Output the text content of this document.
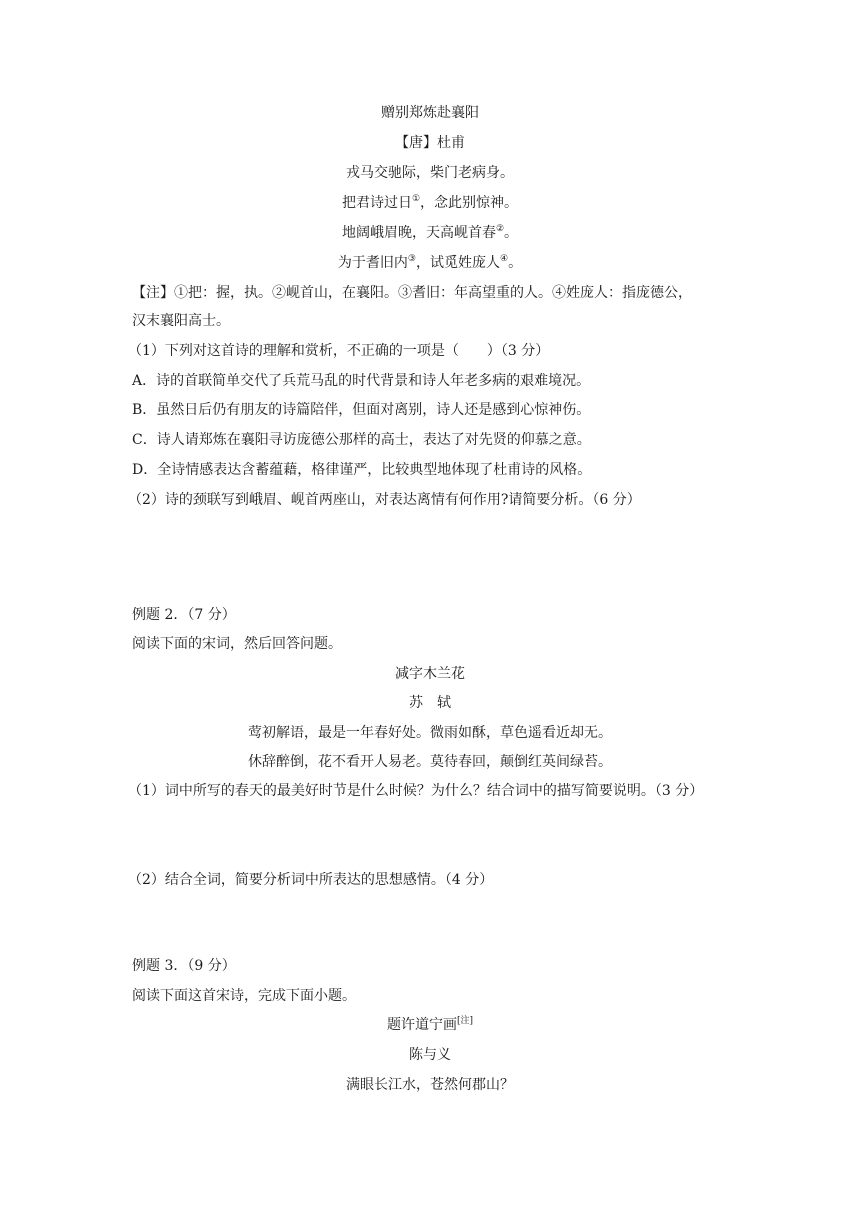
赠别郑炼赴襄阳
【唐】杜甫
戎马交驰际，柴门老病身。
把君诗过日①，念此别惊神。
地阔峨眉晚，天高岘首春②。
为于耆旧内③，试觅姓庞人④。
【注】①把：握，执。②岘首山，在襄阳。③耆旧：年高望重的人。④姓庞人：指庞德公，
汉末襄阳高士。
（1）下列对这首诗的理解和赏析，不正确的一项是（　　）（3 分）
A．诗的首联简单交代了兵荒马乱的时代背景和诗人年老多病的艰难境况。
B．虽然日后仍有朋友的诗篇陪伴，但面对离别，诗人还是感到心惊神伤。
C．诗人请郑炼在襄阳寻访庞德公那样的高士，表达了对先贤的仰慕之意。
D．全诗情感表达含蓄蕴藉，格律谨严，比较典型地体现了杜甫诗的风格。
（2）诗的颈联写到峨眉、岘首两座山，对表达离情有何作用?请简要分析。（6 分）
例题 2．（7 分）
阅读下面的宋词，然后回答问题。
减字木兰花
苏　轼
莺初解语，最是一年春好处。微雨如酥，草色遥看近却无。
休辞醉倒，花不看开人易老。莫待春回，颠倒红英间绿苔。
（1）词中所写的春天的最美好时节是什么时候？为什么？结合词中的描写简要说明。（3 分）
（2）结合全词，简要分析词中所表达的思想感情。（4 分）
例题 3．（9 分）
阅读下面这首宋诗，完成下面小题。
题许道宁画[注]
陈与义
满眼长江水，苍然何郡山？
